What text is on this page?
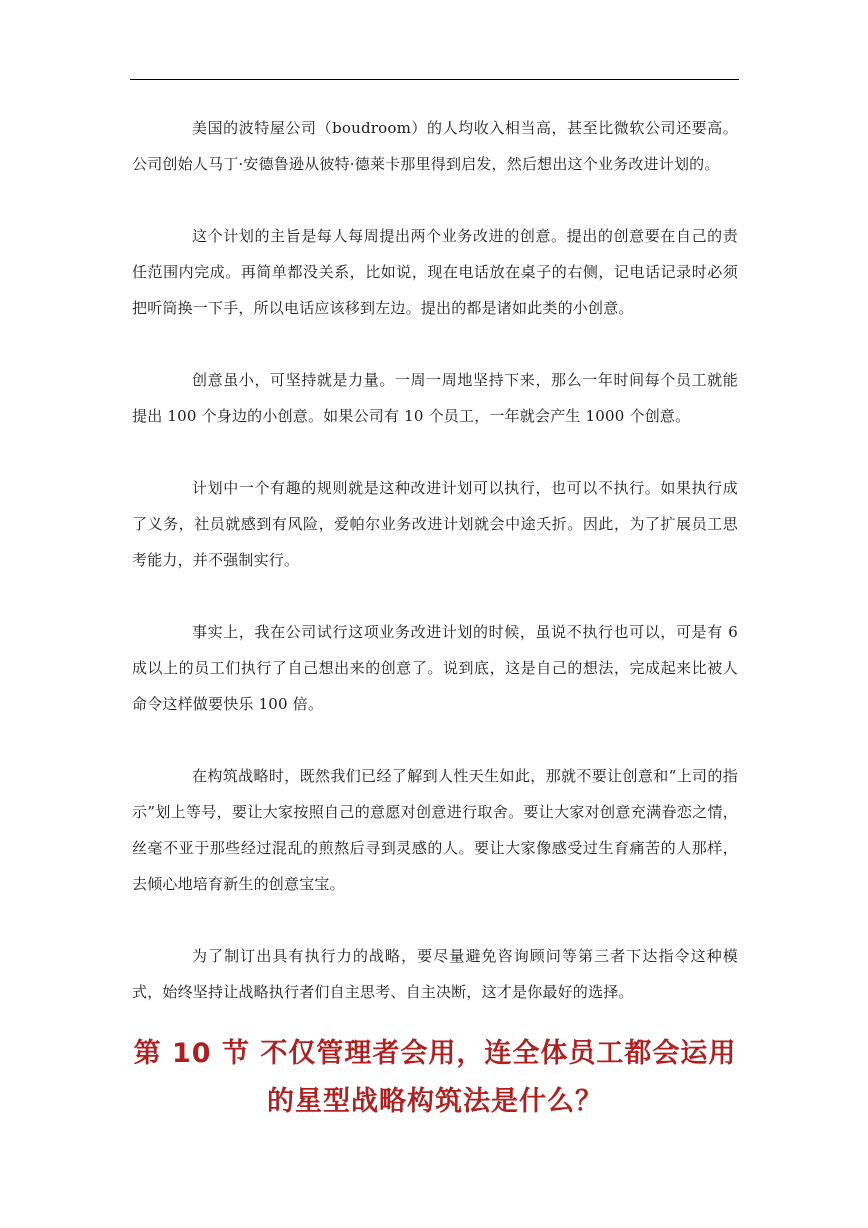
美国的波特屋公司（boudroom）的人均收入相当高，甚至比微软公司还要高。公司创始人马丁·安德鲁逊从彼特·德莱卡那里得到启发，然后想出这个业务改进计划的。

这个计划的主旨是每人每周提出两个业务改进的创意。提出的创意要在自己的责任范围内完成。再简单都没关系，比如说，现在电话放在桌子的右侧，记电话记录时必须把听筒换一下手，所以电话应该移到左边。提出的都是诸如此类的小创意。

创意虽小，可坚持就是力量。一周一周地坚持下来，那么一年时间每个员工就能提出 100 个身边的小创意。如果公司有 10 个员工，一年就会产生 1000 个创意。

计划中一个有趣的规则就是这种改进计划可以执行，也可以不执行。如果执行成了义务，社员就感到有风险，爱帕尔业务改进计划就会中途夭折。因此，为了扩展员工思考能力，并不强制实行。

事实上，我在公司试行这项业务改进计划的时候，虽说不执行也可以，可是有 6 成以上的员工们执行了自己想出来的创意了。说到底，这是自己的想法，完成起来比被人命令这样做要快乐 100 倍。

在构筑战略时，既然我们已经了解到人性天生如此，那就不要让创意和“上司的指示”划上等号，要让大家按照自己的意愿对创意进行取舍。要让大家对创意充满眷恋之情，丝毫不亚于那些经过混乱的煎熬后寻到灵感的人。要让大家像感受过生育痛苦的人那样，去倾心地培育新生的创意宝宝。

为了制订出具有执行力的战略，要尽量避免咨询顾问等第三者下达指令这种模式，始终坚持让战略执行者们自主思考、自主决断，这才是你最好的选择。

第 10 节 不仅管理者会用，连全体员工都会运用的星型战略构筑法是什么？
